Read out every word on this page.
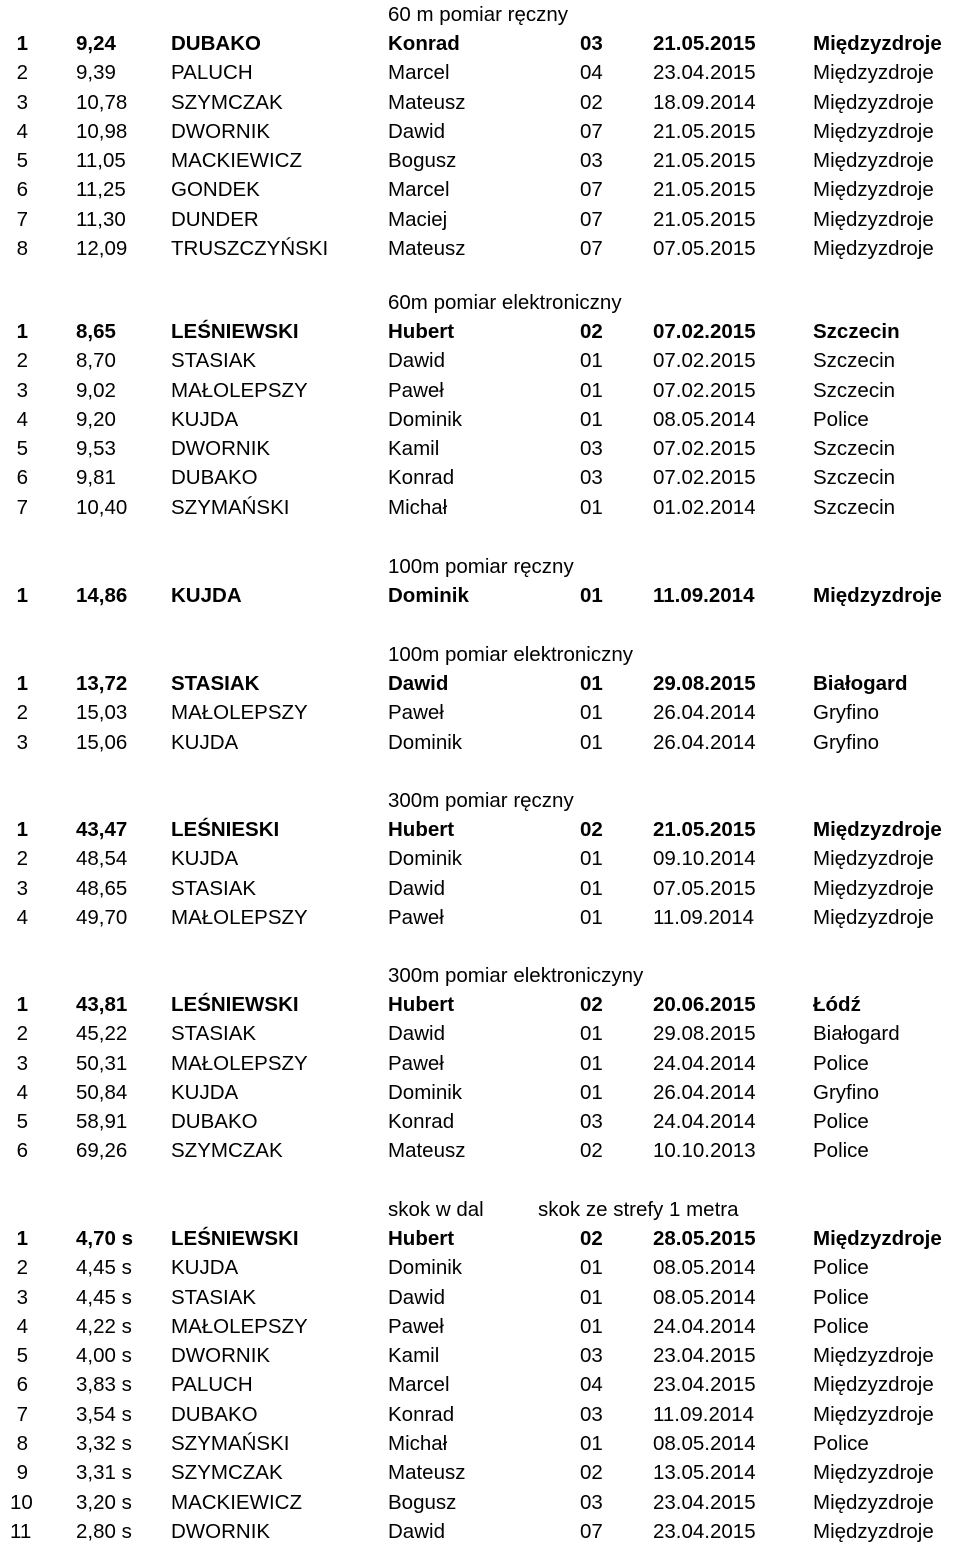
60 m pomiar ręczny
1 9,24	DUBAKO	Konrad	03 21.05.2015	Międzyzdroje
2 9,39	PALUCH	Marcel	04 23.04.2015	Międzyzdroje
3 10,78 SZYMCZAK	Mateusz	02 18.09.2014	Międzyzdroje
4 10,98 DWORNIK	Dawid	07 21.05.2015	Międzyzdroje
5 11,05 MACKIEWICZ	Bogusz	03 21.05.2015	Międzyzdroje
6 11,25 GONDEK	Marcel	07 21.05.2015	Międzyzdroje
7 11,30 DUNDER	Maciej	07 21.05.2015	Międzyzdroje
8 12,09 TRUSZCZYŃSKI	Mateusz	07 07.05.2015	Międzyzdroje
60m pomiar elektroniczny
1 8,65	LEŚNIEWSKI	Hubert	02 07.02.2015	Szczecin
2 8,70	STASIAK	Dawid	01 07.02.2015	Szczecin
3 9,02	MAŁOLEPSZY	Paweł	01 07.02.2015	Szczecin
4 9,20	KUJDA	Dominik	01 08.05.2014	Police
5 9,53	DWORNIK	Kamil	03 07.02.2015	Szczecin
6 9,81	DUBAKO	Konrad	03 07.02.2015	Szczecin
7 10,40 SZYMAŃSKI	Michał	01 01.02.2014	Szczecin
100m pomiar ręczny
1 14,86 KUJDA	Dominik	01 11.09.2014	Międzyzdroje
100m pomiar elektroniczny
1 13,72 STASIAK	Dawid	01 29.08.2015	Białogard
2 15,03 MAŁOLEPSZY	Paweł	01 26.04.2014	Gryfino
3 15,06 KUJDA	Dominik	01 26.04.2014	Gryfino
300m pomiar ręczny
1 43,47 LEŚNIESKI	Hubert	02 21.05.2015	Międzyzdroje
2 48,54 KUJDA	Dominik	01 09.10.2014	Międzyzdroje
3 48,65 STASIAK	Dawid	01 07.05.2015	Międzyzdroje
4 49,70 MAŁOLEPSZY	Paweł	01 11.09.2014	Międzyzdroje
300m pomiar elektroniczyny
1 43,81 LEŚNIEWSKI	Hubert	02 20.06.2015	Łódź
2 45,22 STASIAK	Dawid	01 29.08.2015	Białogard
3 50,31 MAŁOLEPSZY	Paweł	01 24.04.2014	Police
4 50,84 KUJDA	Dominik	01 26.04.2014	Gryfino
5 58,91 DUBAKO	Konrad	03 24.04.2014	Police
6 69,26 SZYMCZAK	Mateusz	02 10.10.2013	Police
skok w dal	skok ze strefy 1 metra
1 4,70 s LEŚNIEWSKI	Hubert	02 28.05.2015	Międzyzdroje
2 4,45 s KUJDA	Dominik	01 08.05.2014	Police
3 4,45 s STASIAK	Dawid	01 08.05.2014	Police
4 4,22 s MAŁOLEPSZY	Paweł	01 24.04.2014	Police
5 4,00 s DWORNIK	Kamil	03 23.04.2015	Międzyzdroje
6 3,83 s PALUCH	Marcel	04 23.04.2015	Międzyzdroje
7 3,54 s DUBAKO	Konrad	03 11.09.2014	Międzyzdroje
8 3,32 s SZYMAŃSKI	Michał	01 08.05.2014	Police
9 3,31 s SZYMCZAK	Mateusz	02 13.05.2014	Międzyzdroje
10 3,20 s MACKIEWICZ	Bogusz	03 23.04.2015	Międzyzdroje
11 2,80 s DWORNIK	Dawid	07 23.04.2015	Międzyzdroje
